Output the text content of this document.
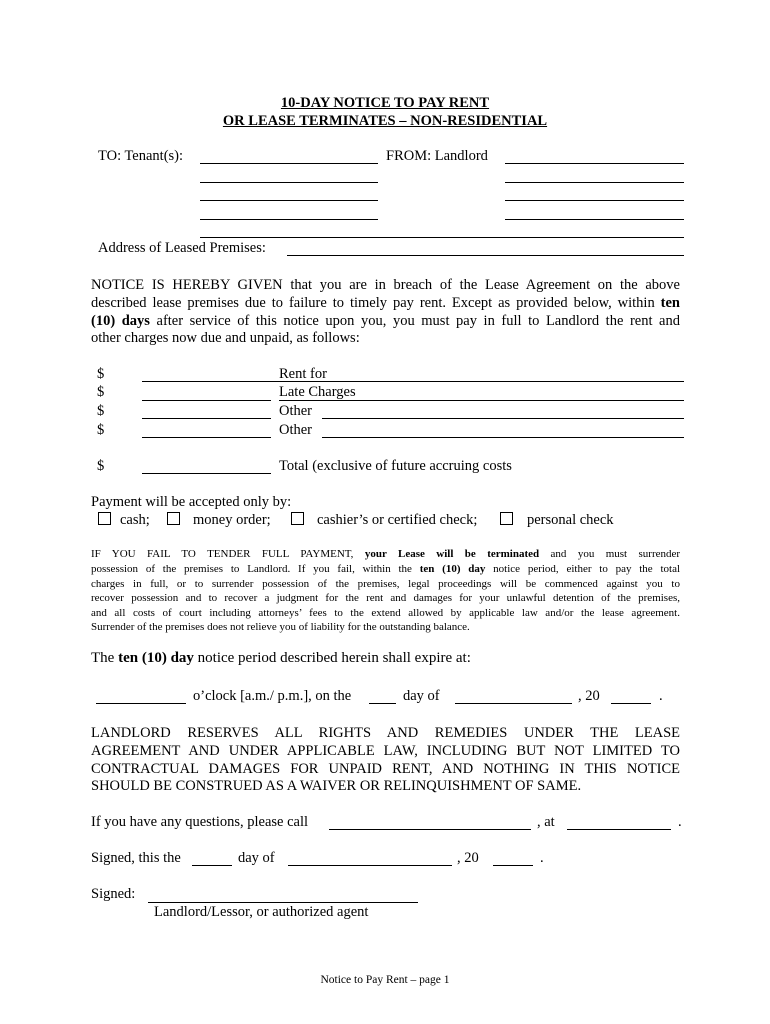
10-DAY NOTICE TO PAY RENT
OR LEASE TERMINATES – NON-RESIDENTIAL
TO: Tenant(s):	FROM: Landlord
Address of Leased Premises:
NOTICE IS HEREBY GIVEN that you are in breach of the Lease Agreement on the above
described lease premises due to failure to timely pay rent. Except as provided below, within ten
(10) days after service of this notice upon you, you must pay in full to Landlord the rent and
other charges now due and unpaid, as follows:
$	Rent for
$	Late Charges
$	Other
$	Other
$	Total (exclusive of future accruing costs
Payment will be accepted only by:
cash;	money order;	cashier’s or certified check;	personal check
IF YOU FAIL TO TENDER FULL PAYMENT, your Lease will be terminated and you must surrender
possession of the premises to Landlord. If you fail, within the ten (10) day notice period, either to pay the total
charges in full, or to surrender possession of the premises, legal proceedings will be commenced against you to
recover possession and to recover a judgment for the rent and damages for your unlawful detention of the premises,
and all costs of court including attorneys’ fees to the extend allowed by applicable law and/or the lease agreement.
Surrender of the premises does not relieve you of liability for the outstanding balance.
The ten (10) day notice period described herein shall expire at:
o’clock [a.m./ p.m.], on the	day of	, 20	.
LANDLORD RESERVES ALL RIGHTS AND REMEDIES UNDER THE LEASE
AGREEMENT AND UNDER APPLICABLE LAW, INCLUDING BUT NOT LIMITED TO
CONTRACTUAL DAMAGES FOR UNPAID RENT, AND NOTHING IN THIS NOTICE
SHOULD BE CONSTRUED AS A WAIVER OR RELINQUISHMENT OF SAME.
If you have any questions, please call	, at	.
Signed, this the	day of	, 20	.
Signed:
Landlord/Lessor, or authorized agent
Notice to Pay Rent – page 1
